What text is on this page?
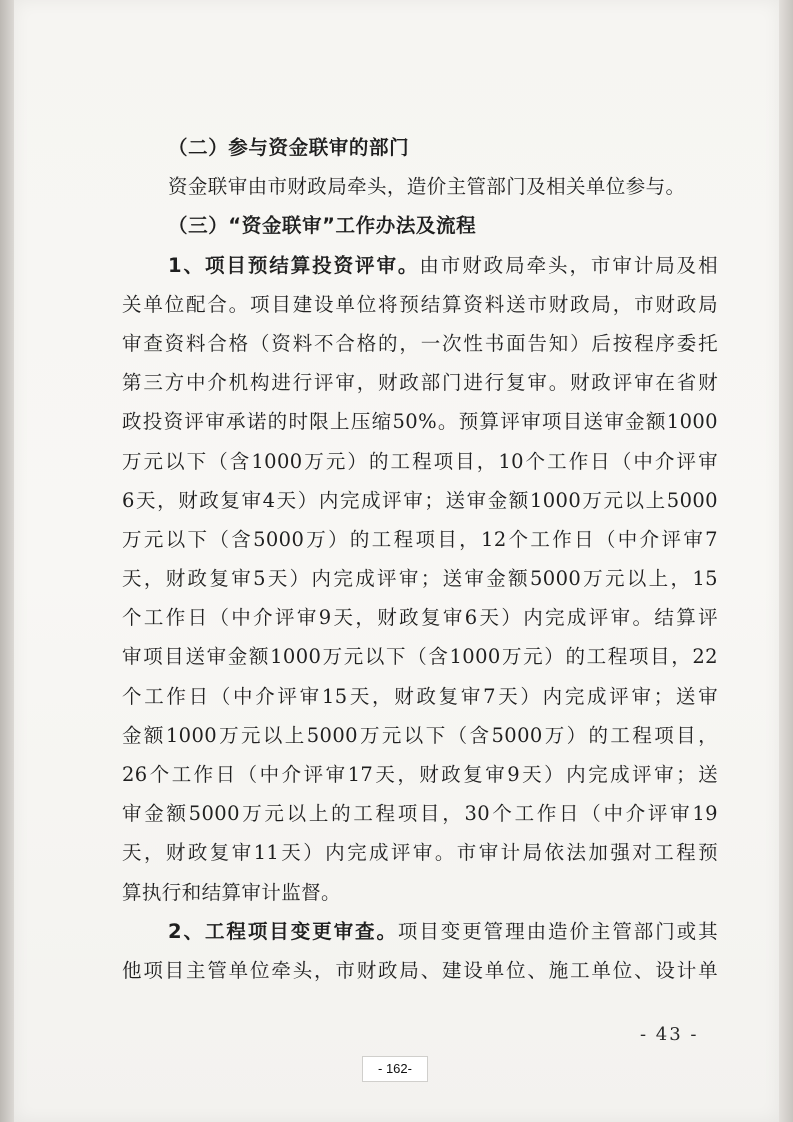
（二）参与资金联审的部门
资金联审由市财政局牵头，造价主管部门及相关单位参与。
（三）“资金联审”工作办法及流程
1、项目预结算投资评审。由市财政局牵头，市审计局及相
关单位配合。项目建设单位将预结算资料送市财政局，市财政局
审查资料合格（资料不合格的，一次性书面告知）后按程序委托
第三方中介机构进行评审，财政部门进行复审。财政评审在省财
政投资评审承诺的时限上压缩50%。预算评审项目送审金额1000
万元以下（含1000万元）的工程项目，10个工作日（中介评审
6天，财政复审4天）内完成评审；送审金额1000万元以上5000
万元以下（含5000万）的工程项目，12个工作日（中介评审7
天，财政复审5天）内完成评审；送审金额5000万元以上，15
个工作日（中介评审9天，财政复审6天）内完成评审。结算评
审项目送审金额1000万元以下（含1000万元）的工程项目，22
个工作日（中介评审15天，财政复审7天）内完成评审；送审
金额1000万元以上5000万元以下（含5000万）的工程项目，
26个工作日（中介评审17天，财政复审9天）内完成评审；送
审金额5000万元以上的工程项目，30个工作日（中介评审19
天，财政复审11天）内完成评审。市审计局依法加强对工程预
算执行和结算审计监督。
2、工程项目变更审查。项目变更管理由造价主管部门或其
他项目主管单位牵头，市财政局、建设单位、施工单位、设计单
- 43 -
- 162-
